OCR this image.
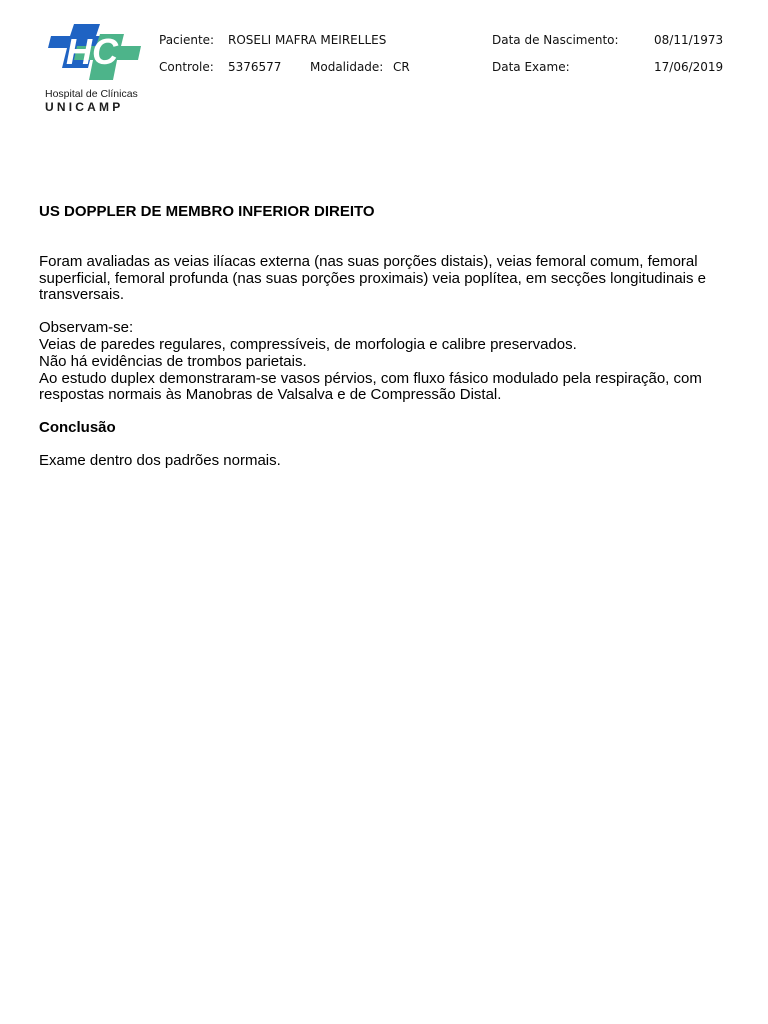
HC
Hospital de Clínicas
UNICAMP
Paciente: ROSELI MAFRA MEIRELLES	Data de Nascimento:	08/11/1973
Controle: 5376577 Modalidade: CR	Data Exame:	17/06/2019

US DOPPLER DE MEMBRO INFERIOR DIREITO

Foram avaliadas as veias ilíacas externa (nas suas porções distais), veias femoral comum, femoral

superficial, femoral profunda (nas suas porções proximais) veia poplítea, em secções longitudinais e

transversais.

Observam-se:

Veias de paredes regulares, compressíveis, de morfologia e calibre preservados.

Não há evidências de trombos parietais.

Ao estudo duplex demonstraram-se vasos pérvios, com fluxo fásico modulado pela respiração, com

respostas normais às Manobras de Valsalva e de Compressão Distal.

Conclusão

Exame dentro dos padrões normais.
